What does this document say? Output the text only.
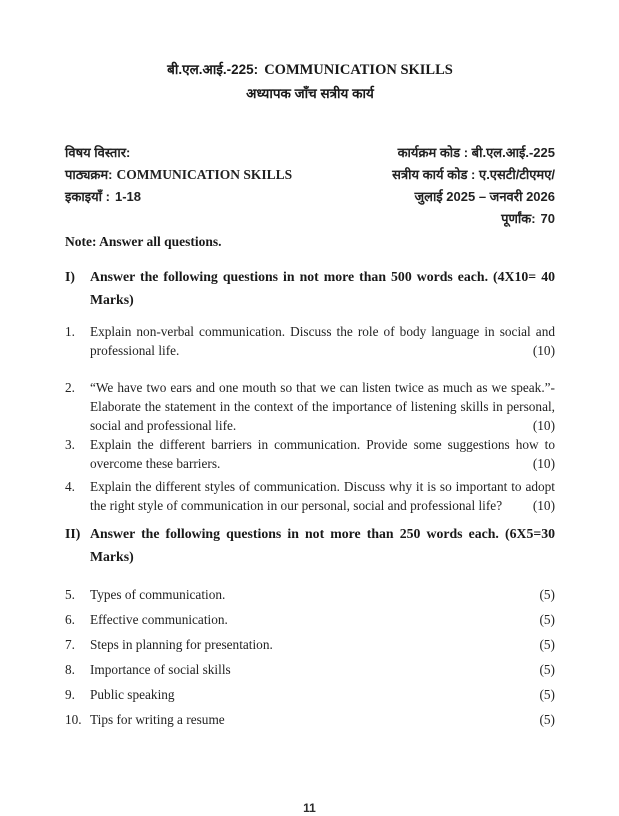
बी.एल.आई.-225: COMMUNICATION SKILLS
अध्यापक जाँच सत्रीय कार्य
विषय विस्तार:
पाठ्यक्रम: COMMUNICATION SKILLS
इकाइयाँ : 1-18
कार्यक्रम कोड : बी.एल.आई.-225
सत्रीय कार्य कोड : ए.एसटी/टीएमए/
जुलाई 2025 – जनवरी 2026
पूर्णांक: 70
Note: Answer all questions.
I)	Answer the following questions in not more than 500 words each. (4X10= 40 Marks)
1.	Explain non-verbal communication. Discuss the role of body language in social and professional life.	(10)
2.	“We have two ears and one mouth so that we can listen twice as much as we speak.”- Elaborate the statement in the context of the importance of listening skills in personal, social and professional life.	(10)
3.	Explain the different barriers in communication. Provide some suggestions how to overcome these barriers.	(10)
4.	Explain the different styles of communication. Discuss why it is so important to adopt the right style of communication in our personal, social and professional life?	(10)
II) Answer the following questions in not more than 250 words each. (6X5=30 Marks)
5.	Types of communication.	(5)
6.	Effective communication.	(5)
7.	Steps in planning for presentation.	(5)
8.	Importance of social skills	(5)
9.	Public speaking	(5)
10. Tips for writing a resume	(5)
11
